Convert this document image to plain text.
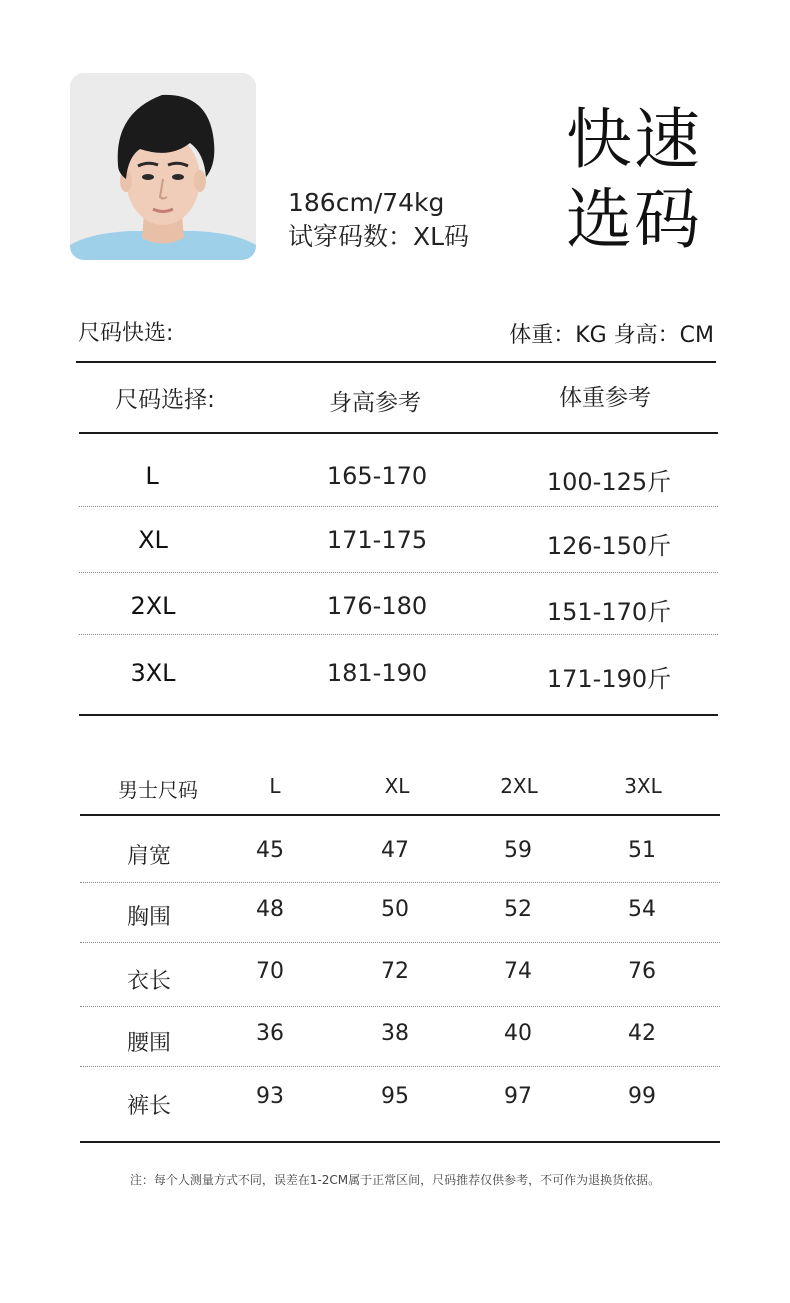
186cm/74kg
试穿码数：XL码
快速
选码
尺码快选:	体重：KG 身高：CM
尺码选择:	身高参考	体重参考
L	165-170	100-125斤
XL	171-175	126-150斤
2XL	176-180	151-170斤
3XL	181-190	171-190斤
男士尺码	L	XL	2XL	3XL
肩宽	45	47	59	51
胸围	48	50	52	54
衣长	70	72	74	76
腰围	36	38	40	42
裤长	93	95	97	99
注：每个人测量方式不同，误差在1-2CM属于正常区间，尺码推荐仅供参考，不可作为退换货依据。
